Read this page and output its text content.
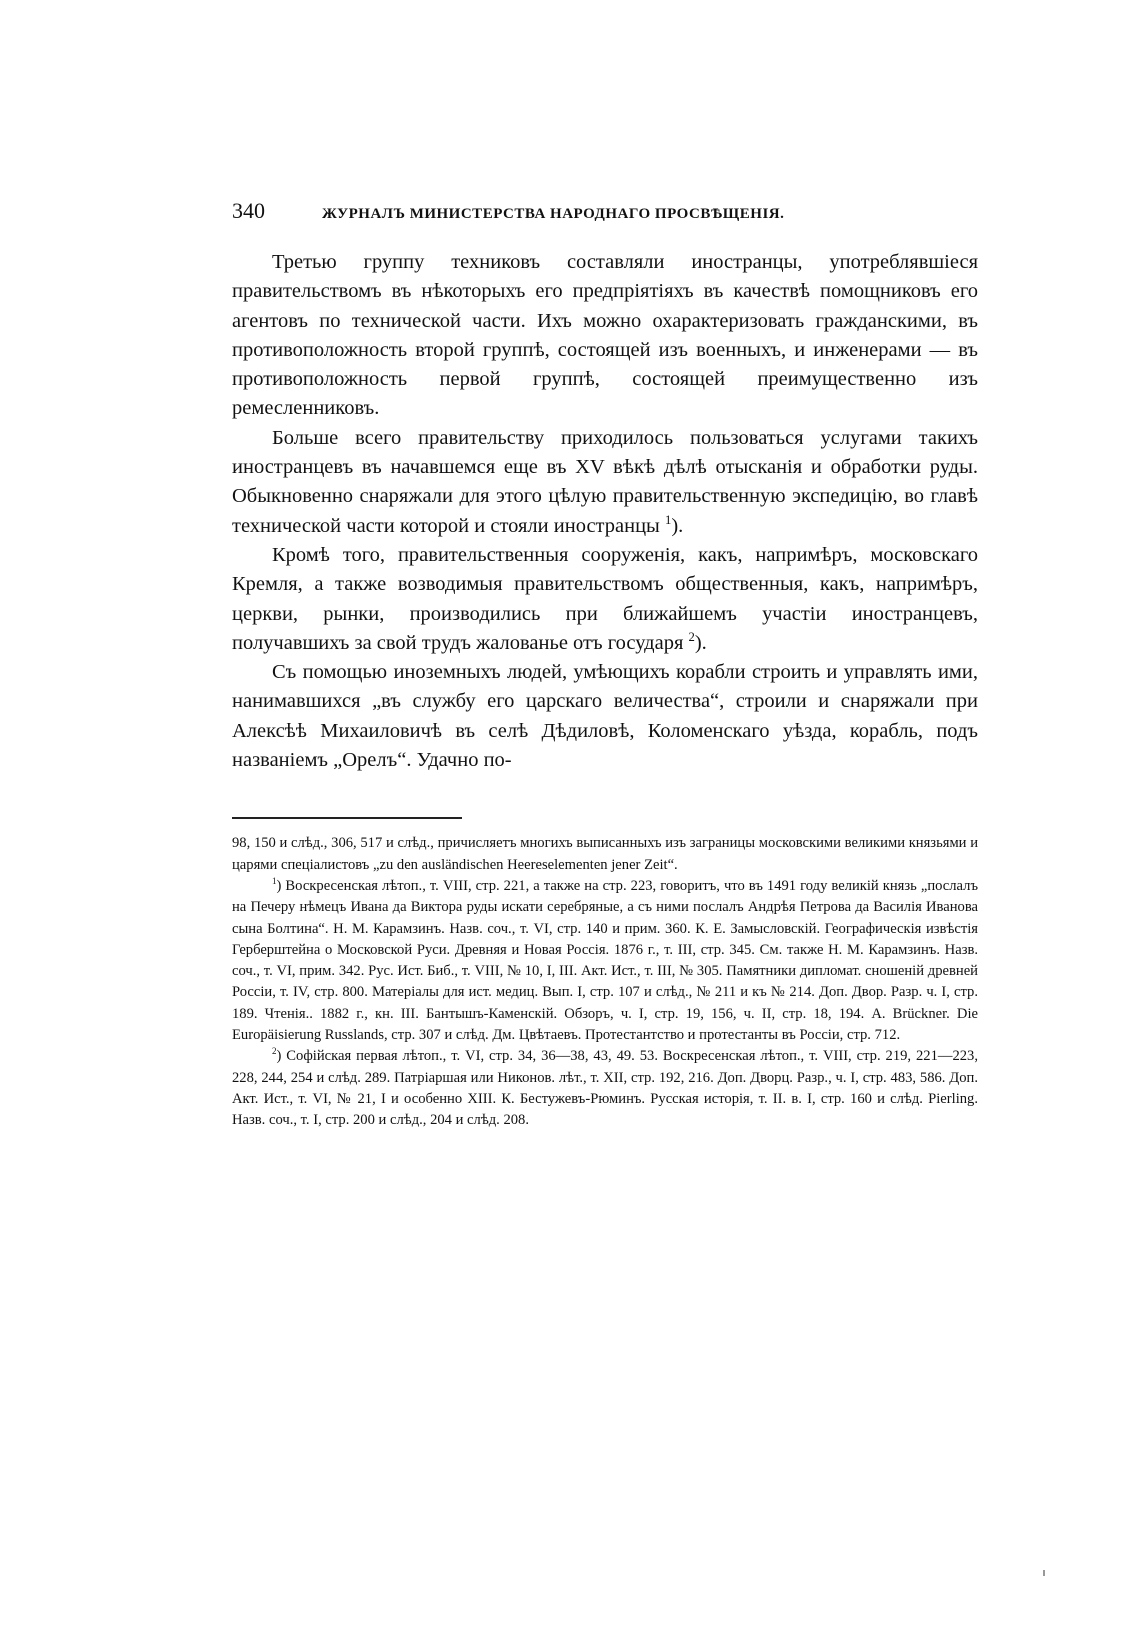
340	ЖУРНАЛЪ МИНИСТЕРСТВА НАРОДНАГО ПРОСВѢЩЕНІЯ.

Третью группу техниковъ составляли иностранцы, употреблявшіеся правительствомъ въ нѣкоторыхъ его предпріятіяхъ въ качествѣ помощниковъ его агентовъ по технической части. Ихъ можно охарактеризовать гражданскими, въ противоположность второй группѣ, состоящей изъ военныхъ, и инженерами — въ противоположность первой группѣ, состоящей преимущественно изъ ремесленниковъ.

Больше всего правительству приходилось пользоваться услугами такихъ иностранцевъ въ начавшемся еще въ XV вѣкѣ дѣлѣ отысканія и обработки руды. Обыкновенно снаряжали для этого цѣлую правительственную экспедицію, во главѣ технической части которой и стояли иностранцы $^1$).

Кромѣ того, правительственныя сооруженія, какъ, напримѣръ, московскаго Кремля, а также возводимыя правительствомъ общественныя, какъ, напримѣръ, церкви, рынки, производились при ближайшемъ участіи иностранцевъ, получавшихъ за свой трудъ жалованье отъ государя $^2$).

Съ помощью иноземныхъ людей, умѣющихъ корабли строить и управлять ими, нанимавшихся „въ службу его царскаго величества“, строили и снаряжали при Алексѣѣ Михаиловичѣ въ селѣ Дѣдиловѣ, Коломенскаго уѣзда, корабль, подъ названіемъ „Орелъ“. Удачно по-

98, 150 и слѣд., 306, 517 и слѣд., причисляетъ многихъ выписанныхъ изъ заграницы московскими великими князьями и царями спеціалистовъ „zu den ausländischen Heereselementen jener Zeit“.

$^1$) Воскресенская лѣтоп., т. VIII, стр. 221, а также на стр. 223, говоритъ, что въ 1491 году великій князь „послалъ на Печеру нѣмецъ Ивана да Виктора руды искати серебряные, а съ ними послалъ Андрѣя Петрова да Василія Иванова сына Болтина“. Н. М. Карамзинъ. Назв. соч., т. VI, стр. 140 и прим. 360. К. Е. Замысловскій. Географическія извѣстія Герберштейна о Московской Руси. Древняя и Новая Россія. 1876 г., т. III, стр. 345. См. также Н. М. Карамзинъ. Назв. соч., т. VI, прим. 342. Рус. Ист. Биб., т. VIII, № 10, I, III. Акт. Ист., т. III, № 305. Памятники дипломат. сношеній древней Россіи, т. IV, стр. 800. Матеріалы для ист. медиц. Вып. I, стр. 107 и слѣд., № 211 и къ № 214. Доп. Двор. Разр. ч. I, стр. 189. Чтенія.. 1882 г., кн. III. Бантышъ-Каменскій. Обзоръ, ч. I, стр. 19, 156, ч. II, стр. 18, 194. A. Brückner. Die Europäisierung Russlands, стр. 307 и слѣд. Дм. Цвѣтаевъ. Протестантство и протестанты въ Россіи, стр. 712.

$^2$) Софійская первая лѣтоп., т. VI, стр. 34, 36—38, 43, 49. 53. Воскресенская лѣтоп., т. VIII, стр. 219, 221—223, 228, 244, 254 и слѣд. 289. Патріаршая или Никонов. лѣт., т. XII, стр. 192, 216. Доп. Дворц. Разр., ч. I, стр. 483, 586. Доп. Акт. Ист., т. VI, № 21, I и особенно XIII. К. Бестужевъ-Рюминъ. Русская исторія, т. II. в. I, стр. 160 и слѣд. Pierling. Назв. соч., т. I, стр. 200 и слѣд., 204 и слѣд. 208.
